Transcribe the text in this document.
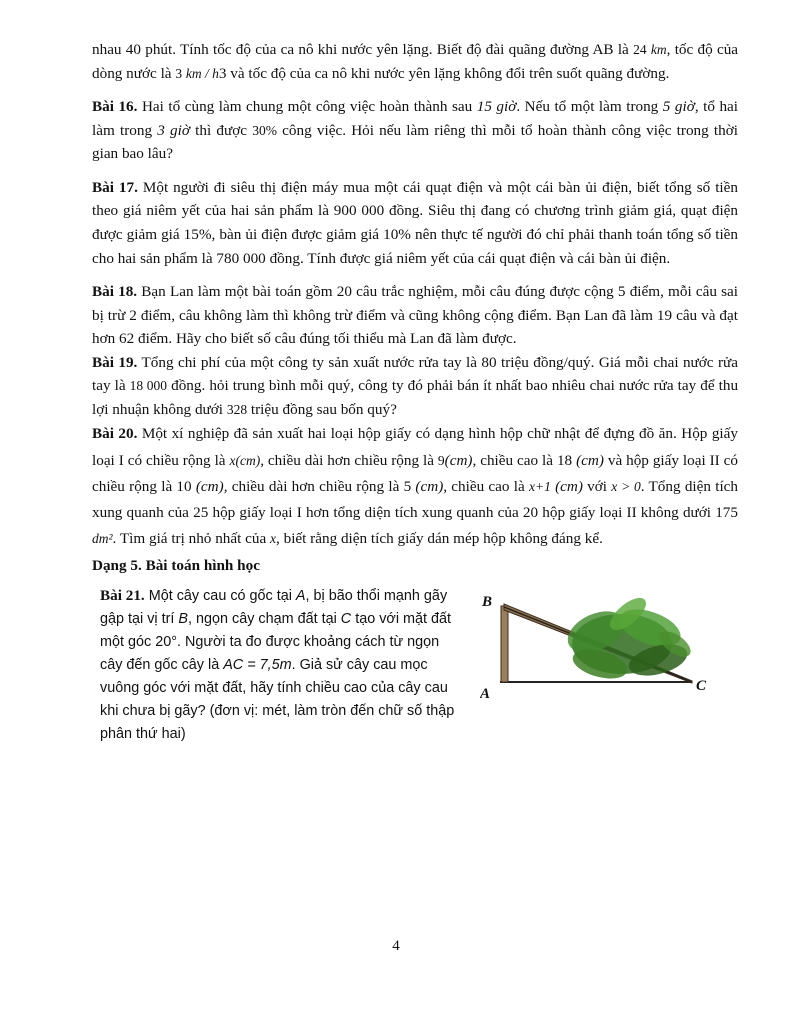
nhau 40 phút. Tính tốc độ của ca nô khi nước yên lặng. Biết độ đài quãng đường AB là 24 km, tốc độ của dòng nước là 3 km / h3 và tốc độ của ca nô khi nước yên lặng không đổi trên suốt quãng đường.

Bài 16. Hai tổ cùng làm chung một công việc hoàn thành sau 15 giờ. Nếu tổ một làm trong 5 giờ, tổ hai làm trong 3 giờ thì được 30% công việc. Hỏi nếu làm riêng thì mỗi tổ hoàn thành công việc trong thời gian bao lâu?

Bài 17. Một người đi siêu thị điện máy mua một cái quạt điện và một cái bàn ủi điện, biết tổng số tiền theo giá niêm yết của hai sản phẩm là 900 000 đồng. Siêu thị đang có chương trình giảm giá, quạt điện được giảm giá 15%, bàn ủi điện được giảm giá 10% nên thực tế người đó chỉ phải thanh toán tổng số tiền cho hai sản phẩm là 780 000 đồng. Tính được giá niêm yết của cái quạt điện và cái bàn ủi điện.

Bài 18. Bạn Lan làm một bài toán gồm 20 câu trắc nghiệm, mỗi câu đúng được cộng 5 điểm, mỗi câu sai bị trừ 2 điểm, câu không làm thì không trừ điểm và cũng không cộng điểm. Bạn Lan đã làm 19 câu và đạt hơn 62 điểm. Hãy cho biết số câu đúng tối thiểu mà Lan đã làm được.

Bài 19. Tổng chi phí của một công ty sản xuất nước rửa tay là 80 triệu đồng/quý. Giá mỗi chai nước rửa tay là 18 000 đồng. hỏi trung bình mỗi quý, công ty đó phải bán ít nhất bao nhiêu chai nước rửa tay để thu lợi nhuận không dưới 328 triệu đồng sau bốn quý?

Bài 20. Một xí nghiệp đã sản xuất hai loại hộp giấy có dạng hình hộp chữ nhật để đựng đồ ăn. Hộp giấy loại I có chiều rộng là x(cm), chiều dài hơn chiều rộng là 9(cm), chiều cao là 18 (cm) và hộp giấy loại II có chiều rộng là 10 (cm), chiều dài hơn chiều rộng là 5 (cm), chiều cao là x+1 (cm) với x > 0. Tổng diện tích xung quanh của 25 hộp giấy loại I hơn tổng diện tích xung quanh của 20 hộp giấy loại II không dưới 175 dm². Tìm giá trị nhỏ nhất của x, biết rằng diện tích giấy dán mép hộp không đáng kể.

Dạng 5. Bài toán hình học

Bài 21. Một cây cau có gốc tại A, bị bão thổi mạnh gãy gập tại vị trí B, ngọn cây chạm đất tại C tạo với mặt đất một góc 20°. Người ta đo được khoảng cách từ ngọn cây đến gốc cây là AC = 7,5m. Giả sử cây cau mọc vuông góc với mặt đất, hãy tính chiều cao của cây cau khi chưa bị gãy? (đơn vị: mét, làm tròn đến chữ số thập phân thứ hai)
B
A	C
4
